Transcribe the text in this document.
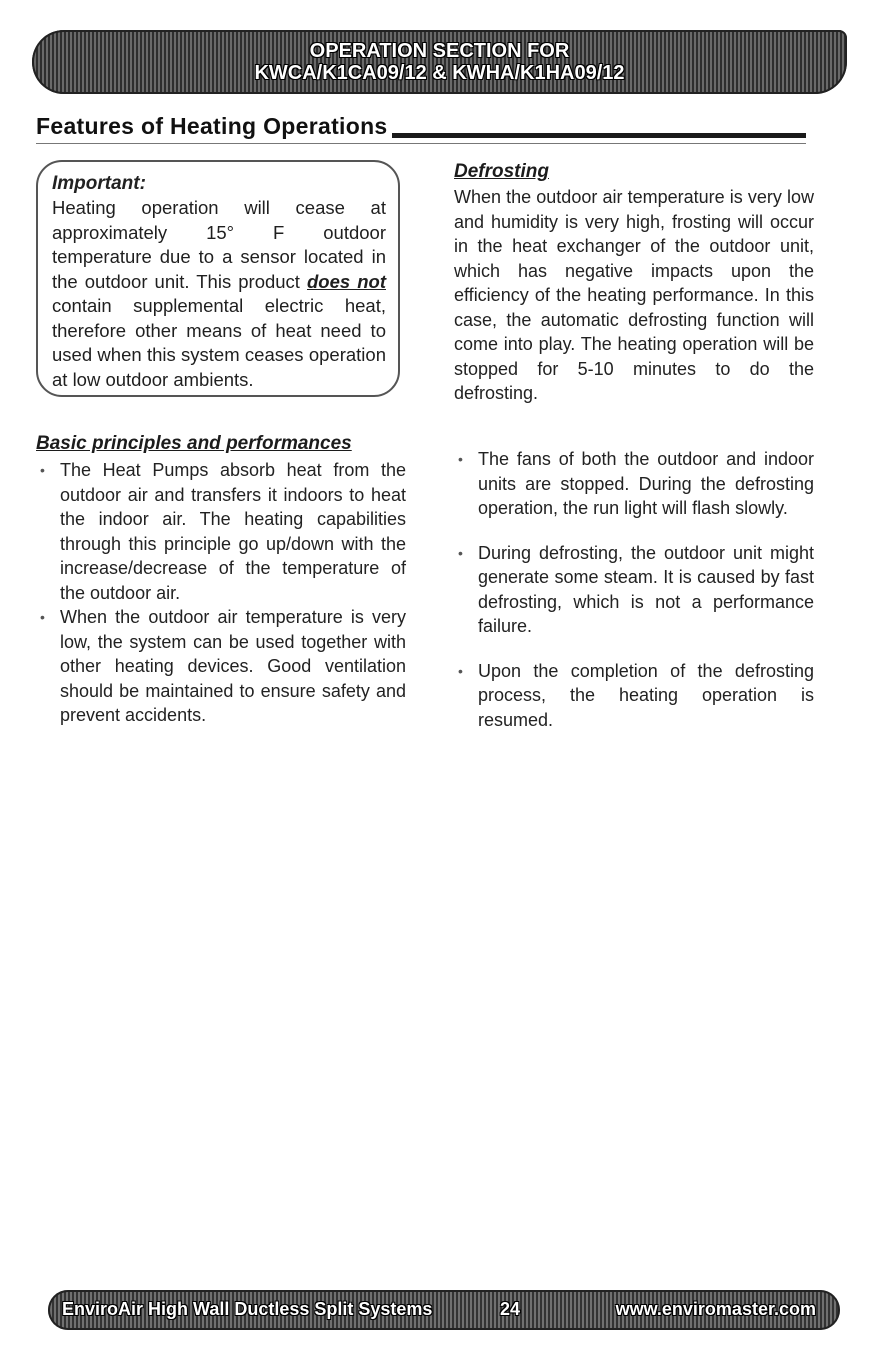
OPERATION SECTION FOR
KWCA/K1CA09/12 & KWHA/K1HA09/12
Features of Heating Operations
Important:
Heating operation will cease at approximately 15° F outdoor temperature due to a sensor located in the outdoor unit. This product does not contain supplemental electric heat, therefore other means of heat need to used when this system ceases operation at low outdoor ambients.
Basic principles and performances
• The Heat Pumps absorb heat from the outdoor air and transfers it indoors to heat the indoor air. The heating capabilities through this principle go up/down with the increase/decrease of the temperature of the outdoor air.
• When the outdoor air temperature is very low, the system can be used together with other heating devices. Good ventilation should be maintained to ensure safety and prevent accidents.
Defrosting

When the outdoor air temperature is very low and humidity is very high, frosting will occur in the heat exchanger of the outdoor unit, which has negative impacts upon the efficiency of the heating performance. In this case, the automatic defrosting function will come into play. The heating operation will be stopped for 5-10 minutes to do the defrosting.

• The fans of both the outdoor and indoor units are stopped. During the defrosting operation, the run light will flash slowly.
• During defrosting, the outdoor unit might generate some steam. It is caused by fast defrosting, which is not a performance failure.
• Upon the completion of the defrosting process, the heating operation is resumed.
EnviroAir High Wall Ductless Split Systems	24	www.enviromaster.com
